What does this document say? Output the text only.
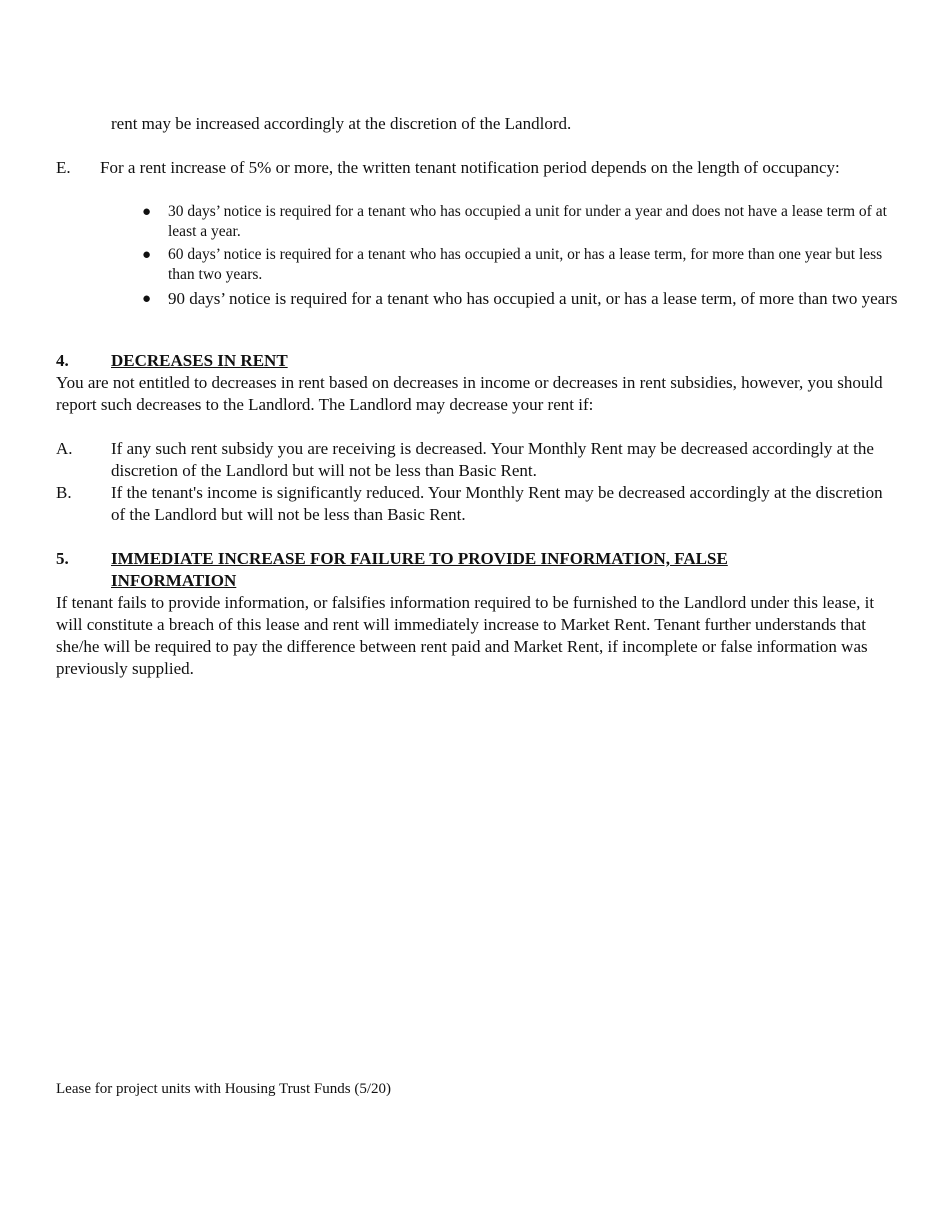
rent may be increased accordingly at the discretion of the Landlord.
E. For a rent increase of 5% or more, the written tenant notification period depends on the length of occupancy:
● 30 days’ notice is required for a tenant who has occupied a unit for under a year and does not have a lease term of at least a year.
● 60 days’ notice is required for a tenant who has occupied a unit, or has a lease term, for more than one year but less than two years.
● 90 days’ notice is required for a tenant who has occupied a unit, or has a lease term, of more than two years
4. DECREASES IN RENT
You are not entitled to decreases in rent based on decreases in income or decreases in rent subsidies, however, you should report such decreases to the Landlord. The Landlord may decrease your rent if:
A. If any such rent subsidy you are receiving is decreased. Your Monthly Rent may be decreased accordingly at the discretion of the Landlord but will not be less than Basic Rent.
B. If the tenant's income is significantly reduced. Your Monthly Rent may be decreased accordingly at the discretion of the Landlord but will not be less than Basic Rent.
5. IMMEDIATE INCREASE FOR FAILURE TO PROVIDE INFORMATION, FALSE INFORMATION
If tenant fails to provide information, or falsifies information required to be furnished to the Landlord under this lease, it will constitute a breach of this lease and rent will immediately increase to Market Rent. Tenant further understands that she/he will be required to pay the difference between rent paid and Market Rent, if incomplete or false information was previously supplied.
Lease for project units with Housing Trust Funds (5/20)
